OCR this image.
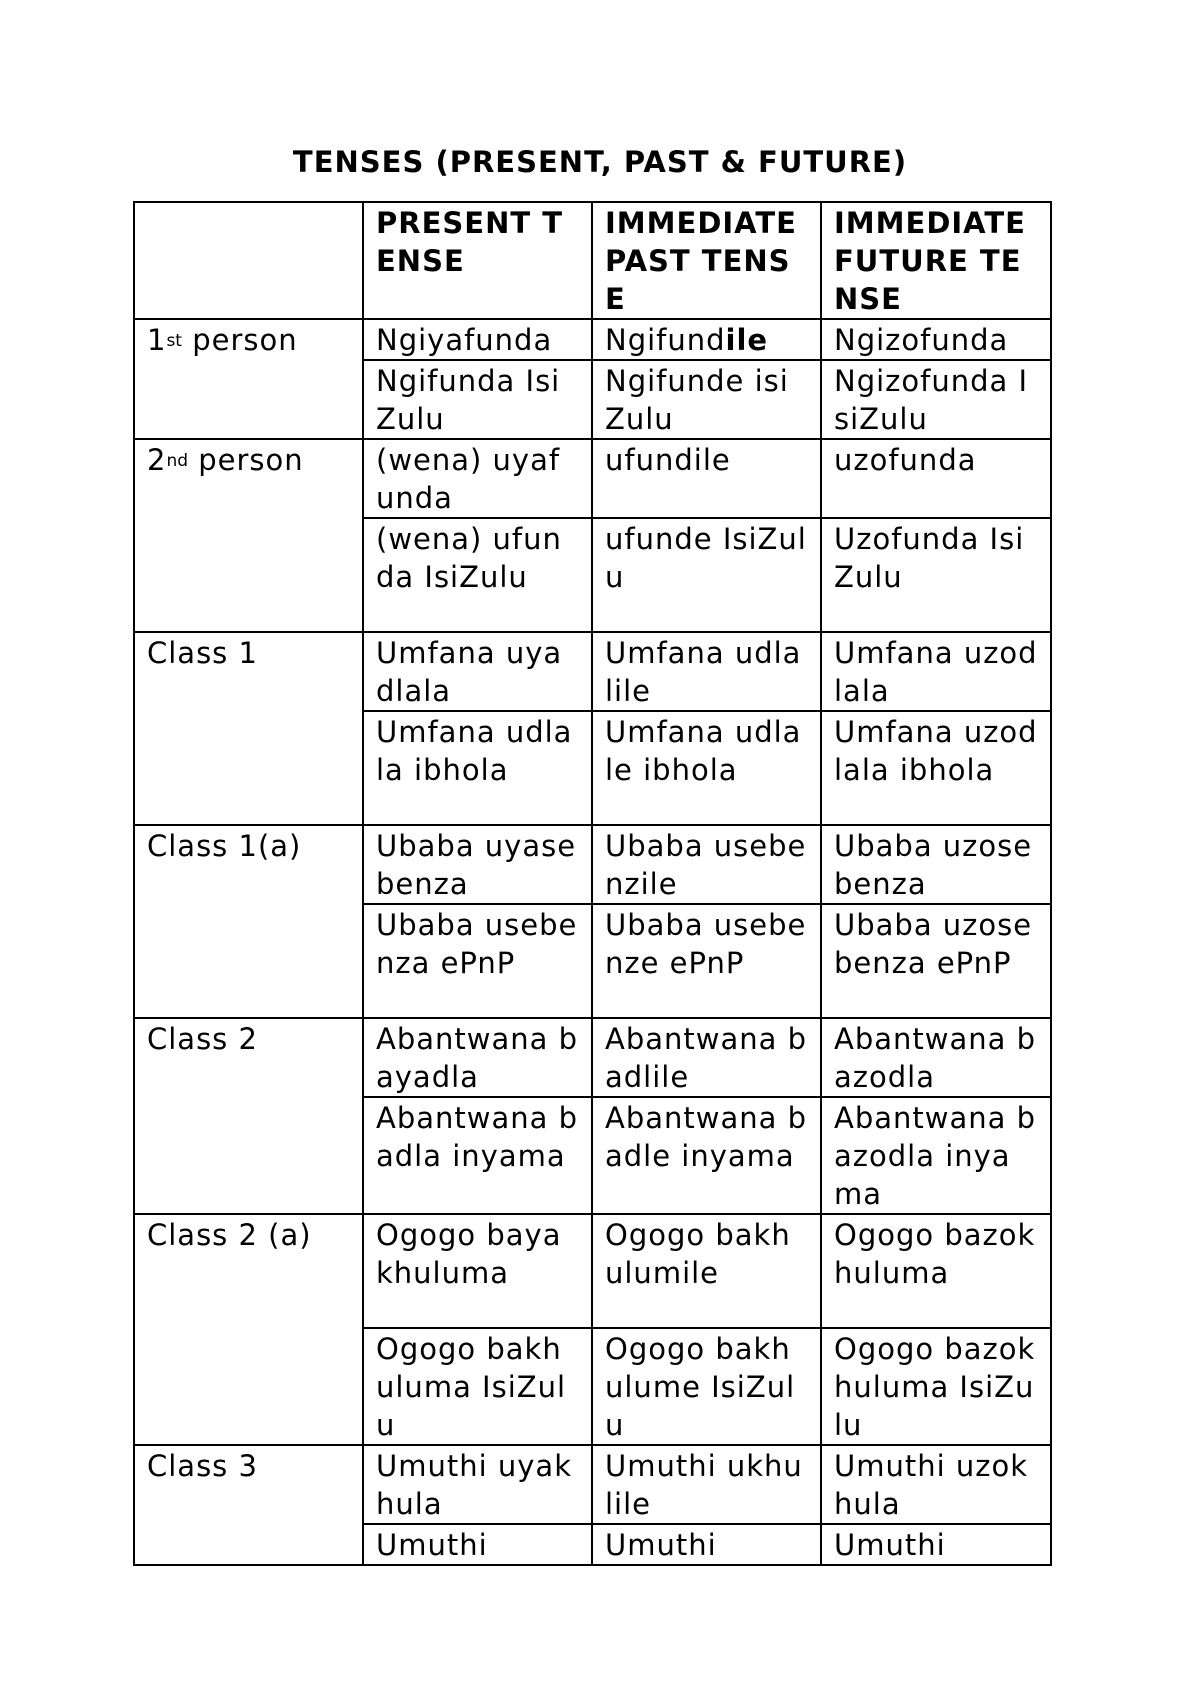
TENSES (PRESENT, PAST & FUTURE)
	PRESENT TENSE	IMMEDIATE PAST TENSE	IMMEDIATE FUTURE TENSE
1st person	Ngiyafunda	Ngifundile	Ngizofunda
	Ngifunda IsiZulu	Ngifunde isiZulu	Ngizofunda IsiZulu
2nd person	(wena) uyafunda	ufundile	uzofunda
	(wena) ufunda IsiZulu	ufunde IsiZulu	Uzofunda IsiZulu
Class 1	Umfana uyadlala	Umfana udlalile	Umfana uzodlala
	Umfana udlala ibhola	Umfana udlale ibhola	Umfana uzodlala ibhola
Class 1(a)	Ubaba uyasebenza	Ubaba usebenzile	Ubaba uzosebenza
	Ubaba usebenza ePnP	Ubaba usebenze ePnP	Ubaba uzosebenza ePnP
Class 2	Abantwana bayadla	Abantwana badlile	Abantwana bazodla
	Abantwana badla inyama	Abantwana badle inyama	Abantwana bazodla inyama
Class 2 (a)	Ogogo bayakhuluma	Ogogo bakhulumile	Ogogo bazokhuluma
	Ogogo bakhuluma IsiZulu	Ogogo bakhulume IsiZulu	Ogogo bazokhuluma IsiZulu
Class 3	Umuthi uyakhula	Umuthi ukhulile	Umuthi uzokhula
	Umuthi	Umuthi	Umuthi
